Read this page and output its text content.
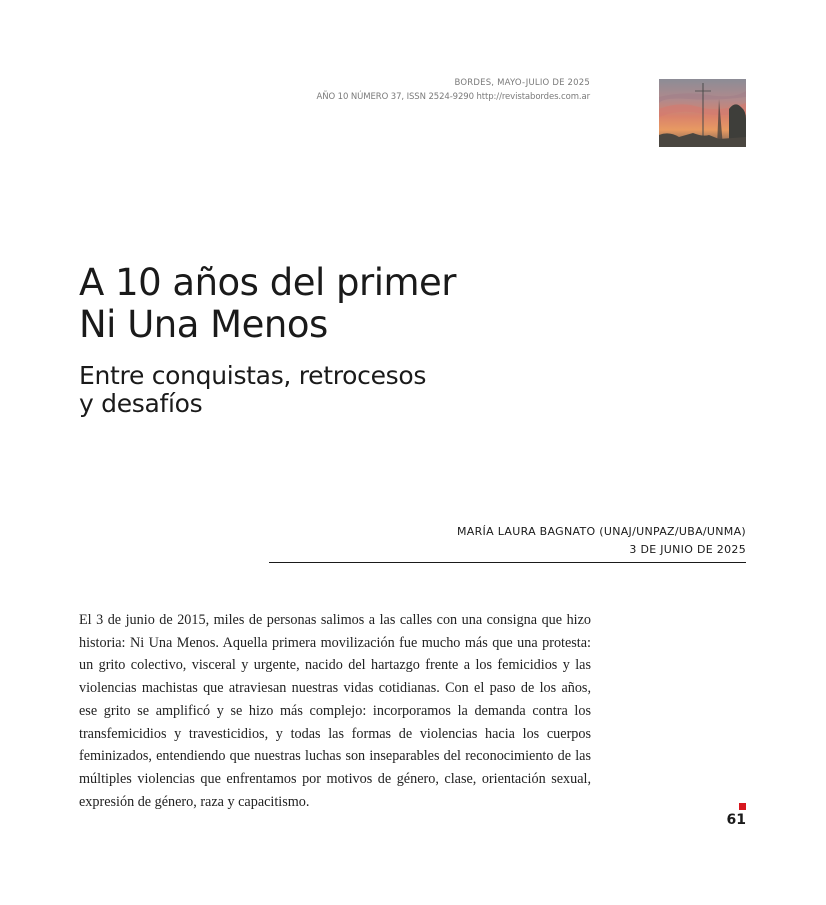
BORDES, MAYO-JULIO DE 2025
AÑO 10 NÚMERO 37, ISSN 2524-9290 http://revistabordes.com.ar
A 10 años del primer
Ni Una Menos
Entre conquistas, retrocesos
y desafíos
MARÍA LAURA BAGNATO (UNAJ/UNPAZ/UBA/UNMA)
3 DE JUNIO DE 2025

El 3 de junio de 2015, miles de personas salimos a las calles con una consigna que hizo historia: Ni Una Menos. Aquella primera movilización fue mucho más que una protesta: un grito colectivo, visceral y urgente, nacido del hartazgo frente a los femicidios y las violencias machistas que atraviesan nuestras vidas cotidianas. Con el paso de los años, ese grito se amplificó y se hizo más complejo: incorporamos la demanda contra los transfemicidios y travesticidios, y todas las formas de violencias hacia los cuerpos feminizados, entendiendo que nuestras luchas son inseparables del reconocimiento de las múltiples violencias que enfrentamos por motivos de género, clase, orientación sexual, expresión de género, raza y capacitismo.

61
